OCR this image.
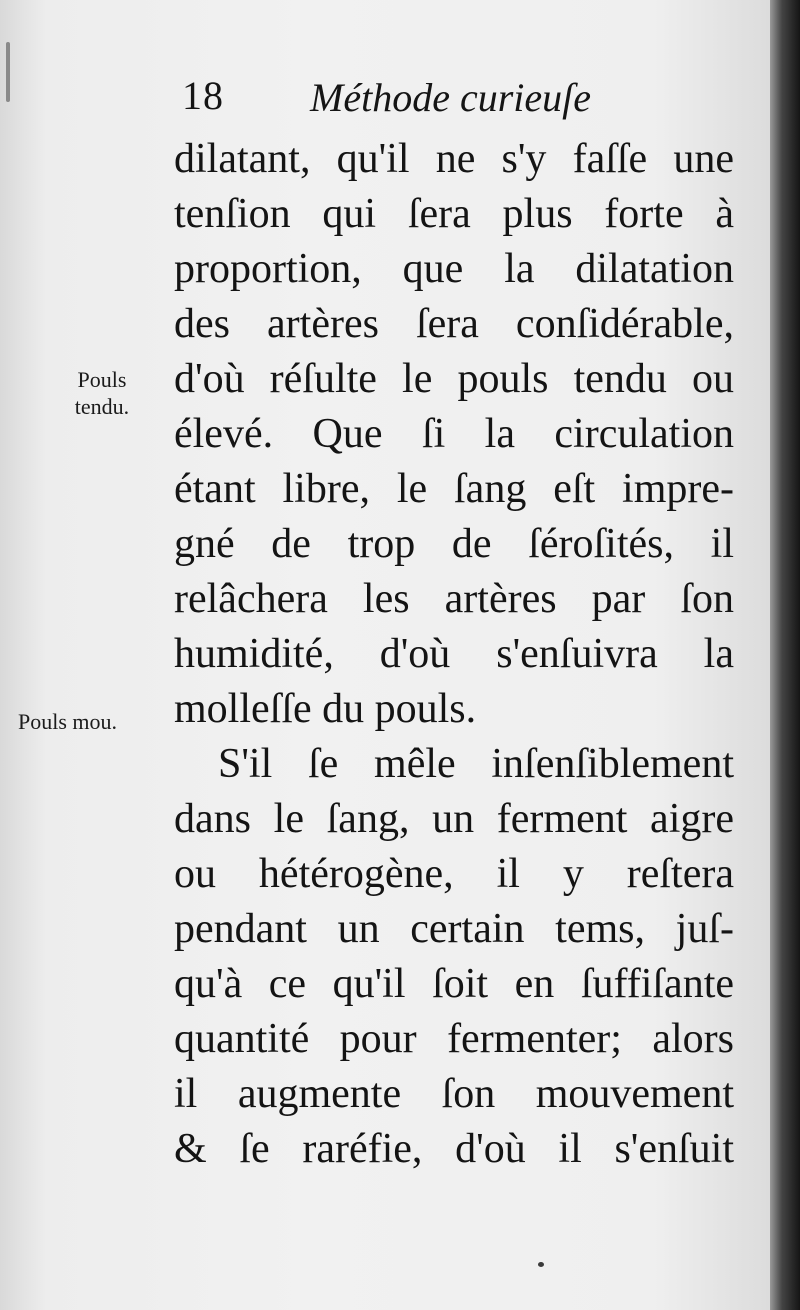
18 Méthode curieuſe
Pouls tendu.
Pouls mou.
dilatant, qu'il ne s'y faſſe une
tenſion qui ſera plus forte à
proportion, que la dilatation
des artères ſera conſidérable,
d'où réſulte le pouls tendu ou
élevé. Que ſi la circulation
étant libre, le ſang eſt impre-
gné de trop de ſéroſités, il
relâchera les artères par ſon
humidité, d'où s'enſuivra la
molleſſe du pouls.
S'il ſe mêle inſenſiblement
dans le ſang, un ferment aigre
ou hétérogène, il y reſtera
pendant un certain tems, juſ-
qu'à ce qu'il ſoit en ſuffiſante
quantité pour fermenter; alors
il augmente ſon mouvement
& ſe raréfie, d'où il s'enſuit
